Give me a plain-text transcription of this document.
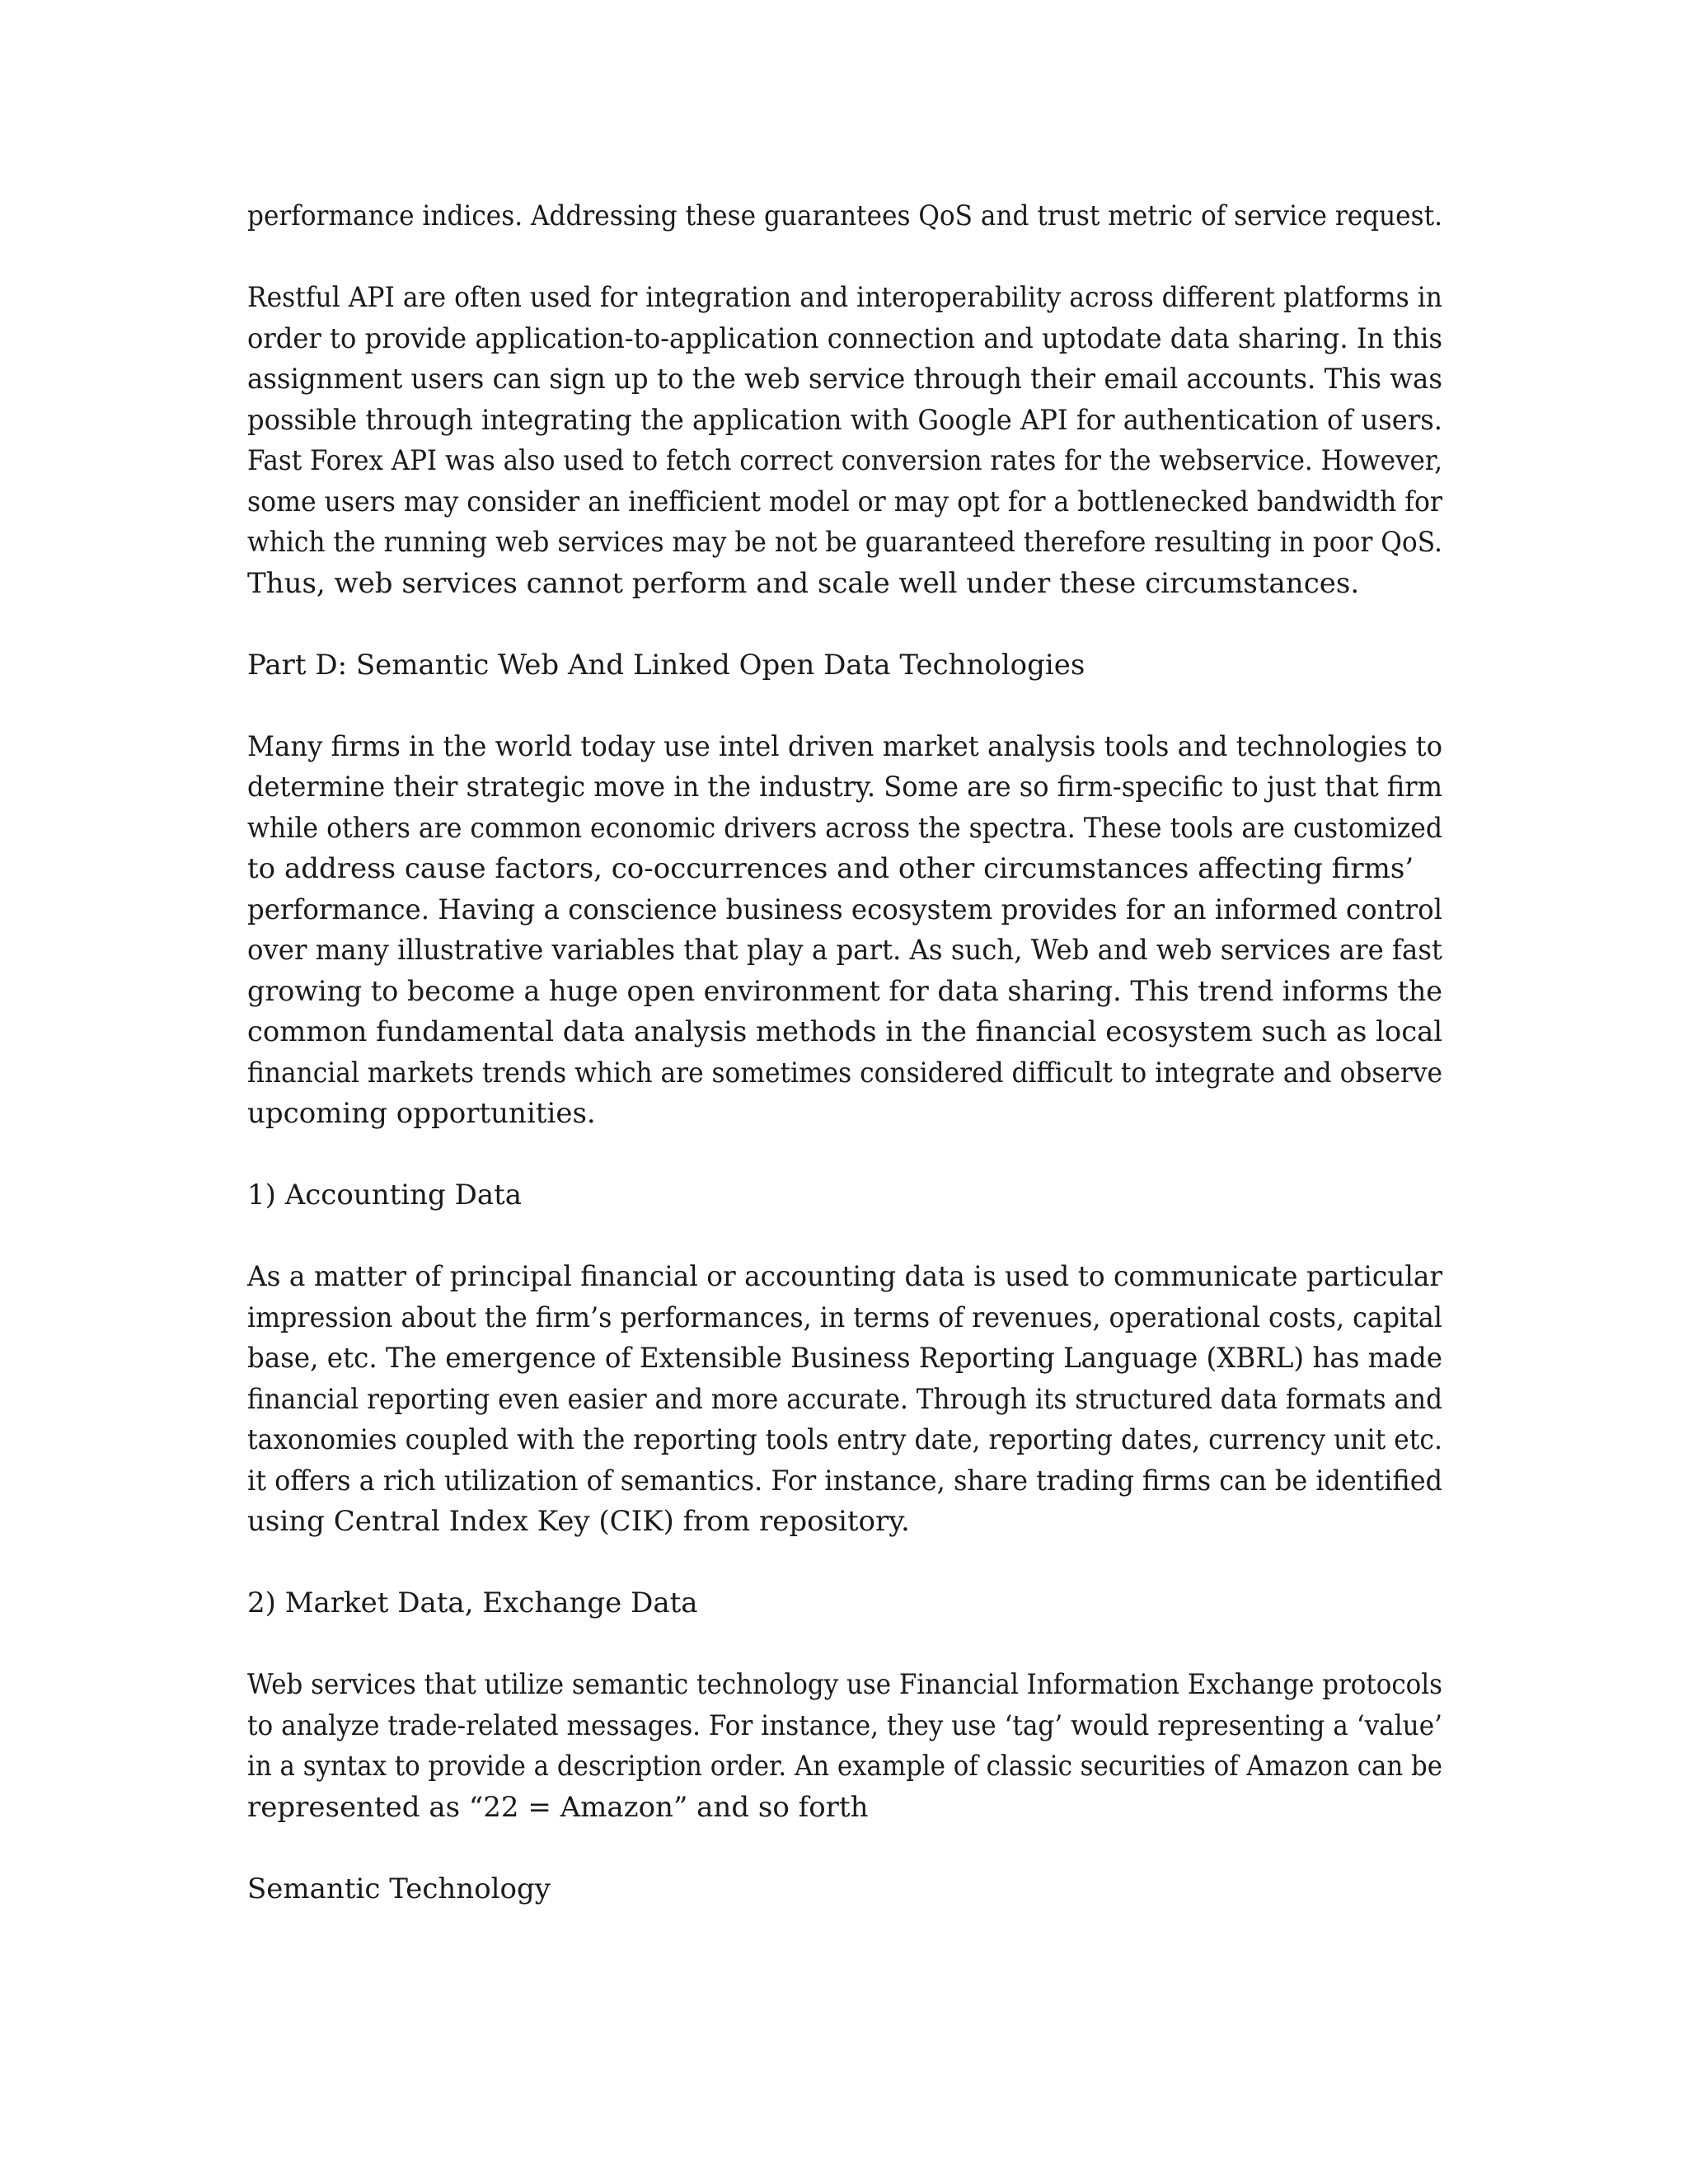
performance indices. Addressing these guarantees QoS and trust metric of service request.
Restful API are often used for integration and interoperability across different platforms in
order to provide application-to-application connection and uptodate data sharing. In this
assignment users can sign up to the web service through their email accounts. This was
possible through integrating the application with Google API for authentication of users.
Fast Forex API was also used to fetch correct conversion rates for the webservice. However,
some users may consider an inefficient model or may opt for a bottlenecked bandwidth for
which the running web services may be not be guaranteed therefore resulting in poor QoS.
Thus, web services cannot perform and scale well under these circumstances.
Part D: Semantic Web And Linked Open Data Technologies
Many firms in the world today use intel driven market analysis tools and technologies to
determine their strategic move in the industry. Some are so firm-specific to just that firm
while others are common economic drivers across the spectra. These tools are customized
to address cause factors, co-occurrences and other circumstances affecting firms’
performance. Having a conscience business ecosystem provides for an informed control
over many illustrative variables that play a part. As such, Web and web services are fast
growing to become a huge open environment for data sharing. This trend informs the
common fundamental data analysis methods in the financial ecosystem such as local
financial markets trends which are sometimes considered difficult to integrate and observe
upcoming opportunities.
1) Accounting Data
As a matter of principal financial or accounting data is used to communicate particular
impression about the firm’s performances, in terms of revenues, operational costs, capital
base, etc. The emergence of Extensible Business Reporting Language (XBRL) has made
financial reporting even easier and more accurate. Through its structured data formats and
taxonomies coupled with the reporting tools entry date, reporting dates, currency unit etc.
it offers a rich utilization of semantics. For instance, share trading firms can be identified
using Central Index Key (CIK) from repository.
2) Market Data, Exchange Data
Web services that utilize semantic technology use Financial Information Exchange protocols
to analyze trade-related messages. For instance, they use ‘tag’ would representing a ‘value’
in a syntax to provide a description order. An example of classic securities of Amazon can be
represented as “22 = Amazon” and so forth
Semantic Technology
